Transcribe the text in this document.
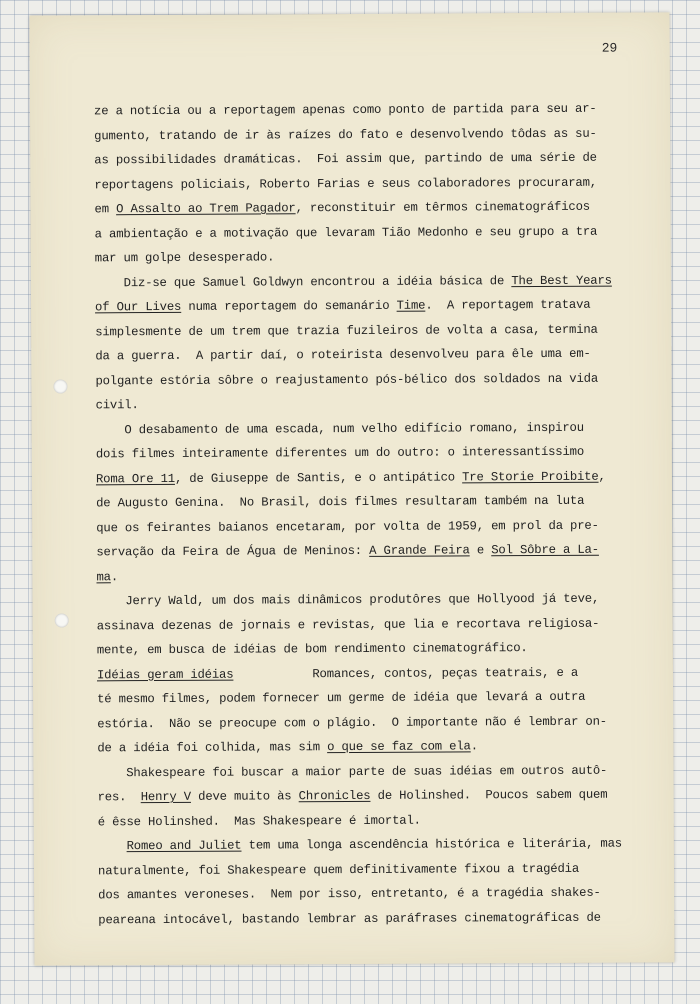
29
ze a notícia ou a reportagem apenas como ponto de partida para seu ar-
gumento, tratando de ir às raízes do fato e desenvolvendo tôdas as su-
as possibilidades dramáticas.  Foi assim que, partindo de uma série de
reportagens policiais, Roberto Farias e seus colaboradores procuraram,
em O Assalto ao Trem Pagador, reconstituir em têrmos cinematográficos
a ambientação e a motivação que levaram Tião Medonho e seu grupo a tra
mar um golpe desesperado.
Diz-se que Samuel Goldwyn encontrou a idéia básica de The Best Years
of Our Lives numa reportagem do semanário Time.  A reportagem tratava
simplesmente de um trem que trazia fuzileiros de volta a casa, termina
da a guerra.  A partir daí, o roteirista desenvolveu para êle uma em-
polgante estória sôbre o reajustamento pós-bélico dos soldados na vida
civil.
O desabamento de uma escada, num velho edifício romano, inspirou
dois filmes inteiramente diferentes um do outro: o interessantíssimo
Roma Ore 11, de Giuseppe de Santis, e o antipático Tre Storie Proibite,
de Augusto Genina.  No Brasil, dois filmes resultaram também na luta
que os feirantes baianos encetaram, por volta de 1959, em prol da pre-
servação da Feira de Água de Meninos: A Grande Feira e Sol Sôbre a La-
ma.
Jerry Wald, um dos mais dinâmicos produtôres que Hollyood já teve,
assinava dezenas de jornais e revistas, que lia e recortava religiosa-
mente, em busca de idéias de bom rendimento cinematográfico.
Idéias geram idéias           Romances, contos, peças teatrais, e a
té mesmo filmes, podem fornecer um germe de idéia que levará a outra
estória.  Não se preocupe com o plágio.  O importante não é lembrar on-
de a idéia foi colhida, mas sim o que se faz com ela.
Shakespeare foi buscar a maior parte de suas idéias em outros autô-
res.  Henry V deve muito às Chronicles de Holinshed.  Poucos sabem quem
é êsse Holinshed.  Mas Shakespeare é imortal.
Romeo and Juliet tem uma longa ascendência histórica e literária, mas
naturalmente, foi Shakespeare quem definitivamente fixou a tragédia
dos amantes veroneses.  Nem por isso, entretanto, é a tragédia shakes-
peareana intocável, bastando lembrar as paráfrases cinematográficas de
